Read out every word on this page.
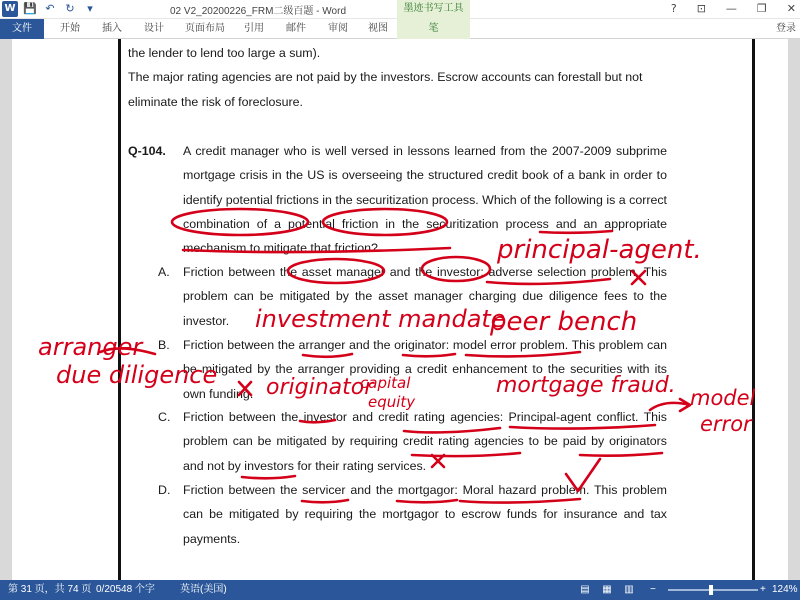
W 💾 ↶ ↻	▾	02 V2_20200226_FRM二级百题 - Word	墨迹书写工具	? ⊡ — ❐ ✕
文件	开始	插入	设计	页面布局	引用	邮件	审阅	视图	笔	登录
the lender to lend too large a sum).
The major rating agencies are not paid by the investors. Escrow accounts can forestall but not eliminate the risk of foreclosure.
Q-104. A credit manager who is well versed in lessons learned from the 2007-2009 subprime mortgage crisis in the US is overseeing the structured credit book of a bank in order to identify potential frictions in the securitization process. Which of the following is a correct combination of a potential friction in the securitization process and an appropriate mechanism to mitigate that friction?
A. Friction between the asset manager and the investor: adverse selection problem. This problem can be mitigated by the asset manager charging due diligence fees to the investor.
B. Friction between the arranger and the originator: model error problem. This problem can be mitigated by the arranger providing a credit enhancement to the securities with its own funding.
C. Friction between the investor and credit rating agencies: Principal-agent conflict. This problem can be mitigated by requiring credit rating agencies to be paid by originators and not by investors for their rating services.
D. Friction between the servicer and the mortgagor: Moral hazard problem. This problem can be mitigated by requiring the mortgagor to escrow funds for insurance and tax payments.
principal-agent.
investment mandate
peer bench
arranger
due diligence originator
capital
equity
mortgage fraud. model
error
第 31 页，共 74 页 0/20548 个字	英语(美国)	▤ ▦ ▥ −	+ 124%
